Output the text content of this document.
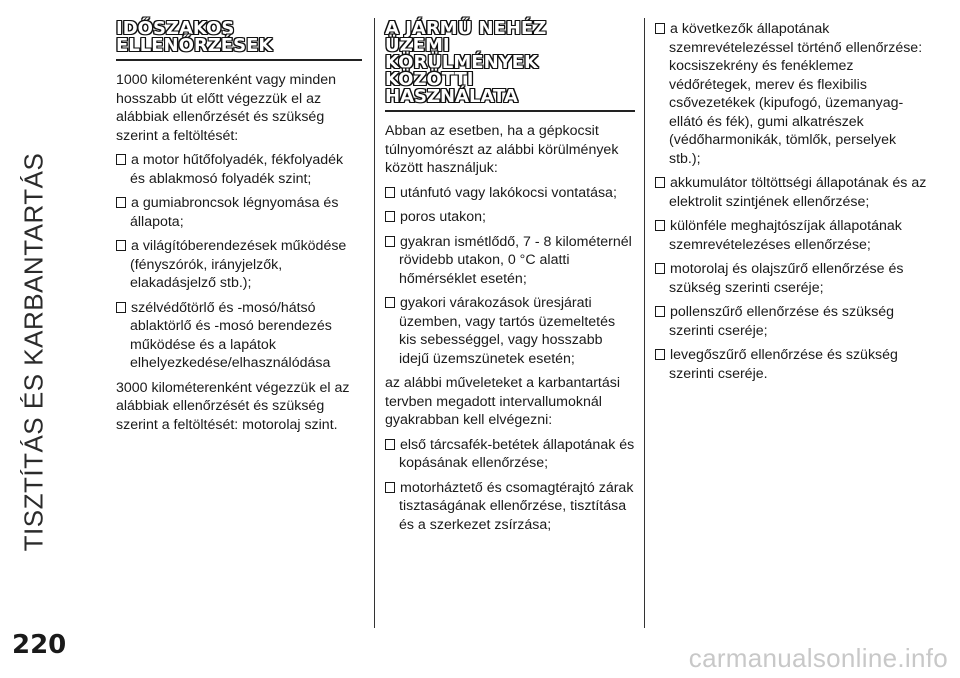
TISZTÍTÁS ÉS KARBANTARTÁS
IDŐSZAKOS
ELLENŐRZÉSEK

1000 kilométerenként vagy minden hosszabb út előtt végezzük el az alábbiak ellenőrzését és szükség szerint a feltöltését:

a motor hűtőfolyadék, fékfolyadék és ablakmosó folyadék szint;
a gumiabroncsok légnyomása és állapota;
a világítóberendezések működése (fényszórók, irányjelzők, elakadásjelző stb.);
szélvédőtörlő és -mosó/hátsó ablaktörlő és -mosó berendezés működése és a lapátok elhelyezkedése/elhasználódása

3000 kilométerenként végezzük el az alábbiak ellenőrzését és szükség szerint a feltöltését: motorolaj szint.

A JÁRMŰ NEHÉZ
ÜZEMI
KÖRÜLMÉNYEK
KÖZÖTTI
HASZNÁLATA

Abban az esetben, ha a gépkocsit túlnyomórészt az alábbi körülmények között használjuk:

utánfutó vagy lakókocsi vontatása;
poros utakon;
gyakran ismétlődő, 7 - 8 kilométernél rövidebb utakon, 0 °C alatti hőmérséklet esetén;
gyakori várakozások üresjárati üzemben, vagy tartós üzemeltetés kis sebességgel, vagy hosszabb idejű üzemszünetek esetén;

az alábbi műveleteket a karbantartási tervben megadott intervallumoknál gyakrabban kell elvégezni:

első tárcsafék-betétek állapotának és kopásának ellenőrzése;
motorháztető és csomagtérajtó zárak tisztaságának ellenőrzése, tisztítása és a szerkezet zsírzása;
a következők állapotának szemrevételezéssel történő ellenőrzése: kocsiszekrény és fenéklemez védőrétegek, merev és flexibilis csővezetékek (kipufogó, üzemanyag-ellátó és fék), gumi alkatrészek (védőharmonikák, tömlők, perselyek stb.);
akkumulátor töltöttségi állapotának és az elektrolit szintjének ellenőrzése;
különféle meghajtószíjak állapotának szemrevételezéses ellenőrzése;
motorolaj és olajszűrő ellenőrzése és szükség szerinti cseréje;
pollenszűrő ellenőrzése és szükség szerinti cseréje;
levegőszűrő ellenőrzése és szükség szerinti cseréje.
220	carmanualsonline.info
